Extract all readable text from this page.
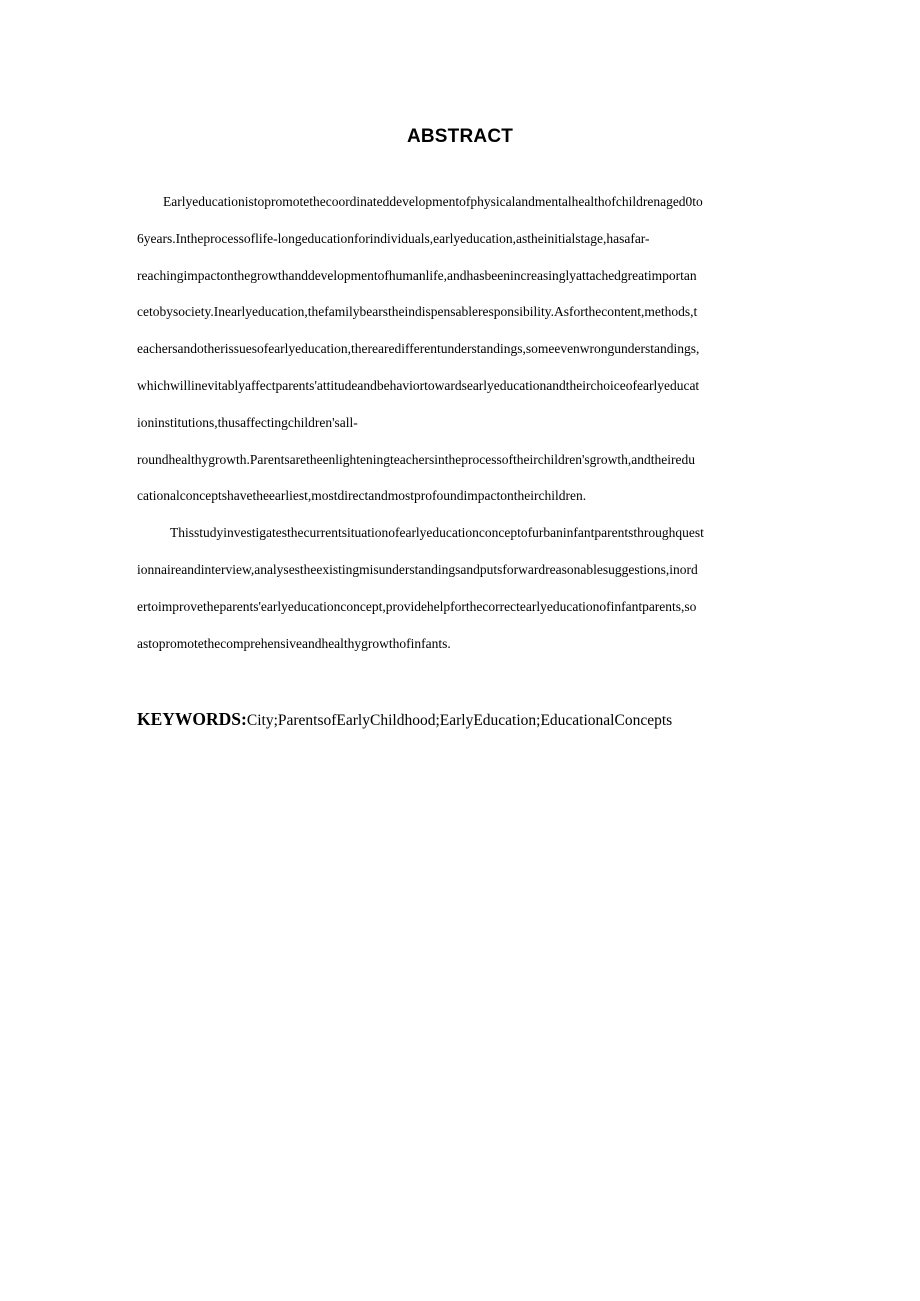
ABSTRACT
Earlyeducationistopromotethecoordinateddevelopmentofphysicalandmentalhealthofchildrenaged0to
6years.Intheprocessoflife-longeducationforindividuals,earlyeducation,astheinitialstage,hasafar-
reachingimpactonthegrowthanddevelopmentofhumanlife,andhasbeenincreasinglyattachedgreatimportan
cetobysociety.Inearlyeducation,thefamilybearstheindispensableresponsibility.Asforthecontent,methods,t
eachersandotherissuesofearlyeducation,therearedifferentunderstandings,someevenwrongunderstandings,
whichwillinevitablyaffectparents'attitudeandbehaviortowardsearlyeducationandtheirchoiceofearlyeducat
ioninstitutions,thusaffectingchildren'sall-
roundhealthygrowth.Parentsaretheenlighteningteachersintheprocessoftheirchildren'sgrowth,andtheiredu
cationalconceptshavetheearliest,mostdirectandmostprofoundimpactontheirchildren.
Thisstudyinvestigatesthecurrentsituationofearlyeducationconceptofurbaninfantparentsthroughquest
ionnaireandinterview,analysestheexistingmisunderstandingsandputsforwardreasonablesuggestions,inord
ertoimprovetheparents'earlyeducationconcept,providehelpforthecorrectearlyeducationofinfantparents,so
astopromotethecomprehensiveandhealthygrowthofinfants.
KEYWORDS:City;ParentsofEarlyChildhood;EarlyEducation;EducationalConcepts
